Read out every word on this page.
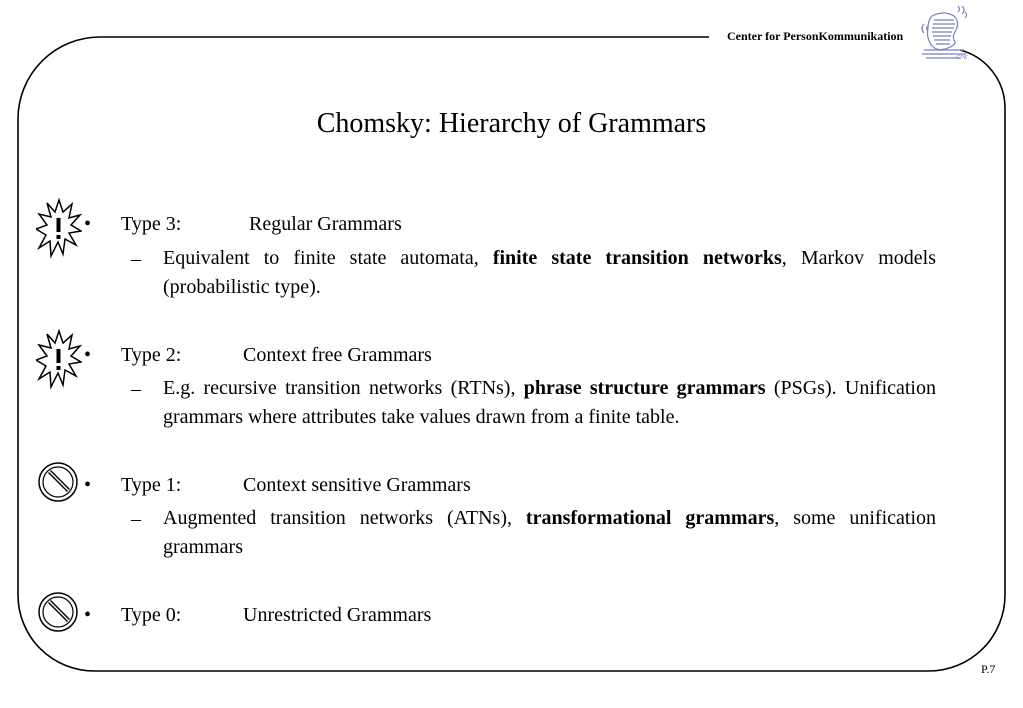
Center for PersonKommunikation
CPK
Chomsky: Hierarchy of Grammars
• Type 3:	Regular Grammars
– Equivalent to finite state automata, finite state transition networks, Markov models (probabilistic type).
• Type 2:	Context free Grammars
– E.g. recursive transition networks (RTNs), phrase structure grammars (PSGs). Unification grammars where attributes take values drawn from a finite table.
• Type 1:	Context sensitive Grammars
– Augmented transition networks (ATNs), transformational grammars, some unification grammars
• Type 0:	Unrestricted Grammars
P.7
